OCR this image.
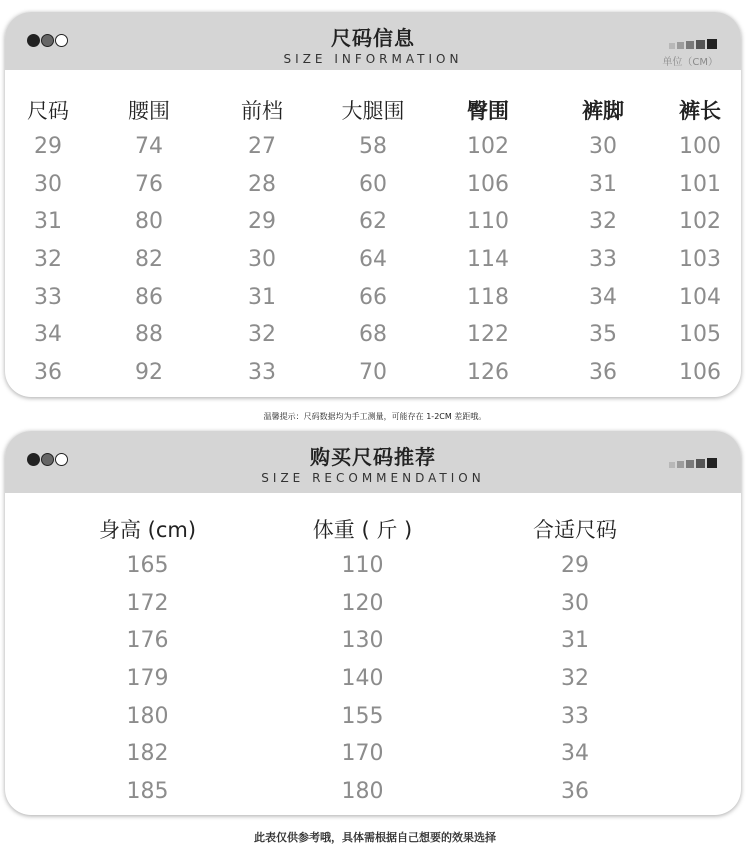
尺码信息
SIZE INFORMATION	单位（CM）
尺码	腰围	前档	大腿围	臀围	裤脚	裤长
29	74	27	58	102	30	100
30	76	28	60	106	31	101
31	80	29	62	110	32	102
32	82	30	64	114	33	103
33	86	31	66	118	34	104
34	88	32	68	122	35	105
36	92	33	70	126	36	106
温馨提示：尺码数据均为手工测量，可能存在 1-2CM 差距哦。
购买尺码推荐
SIZE RECOMMENDATION
身高 (cm)	体重 ( 斤 )	合适尺码
165	110	29
172	120	30
176	130	31
179	140	32
180	155	33
182	170	34
185	180	36
此表仅供参考哦，具体需根据自己想要的效果选择
